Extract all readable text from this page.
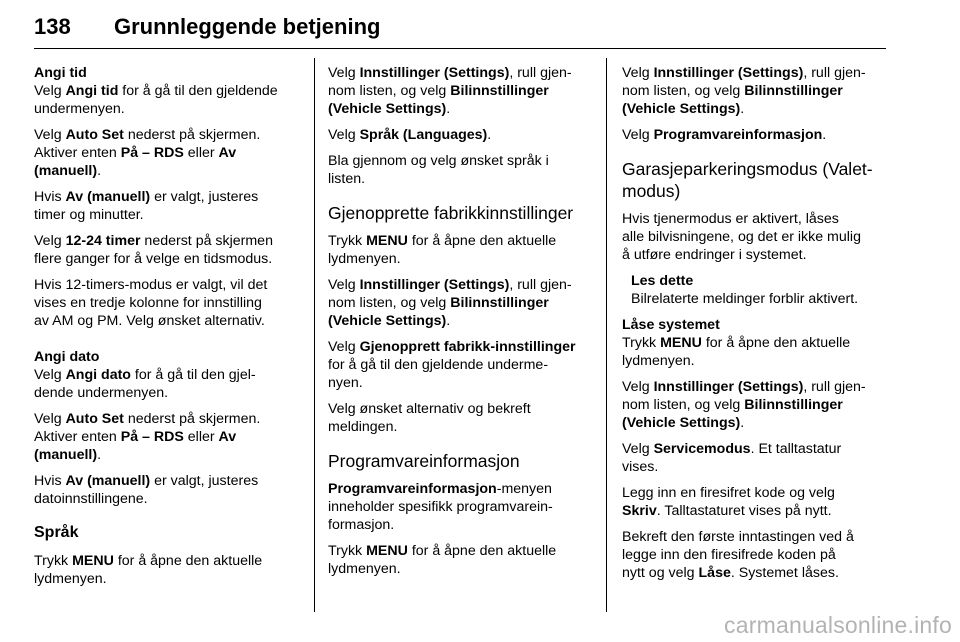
138 Grunnleggende betjening
Angi tid

Velg Angi tid for å gå til den gjeldende
undermenyen.

Velg Auto Set nederst på skjermen.
Aktiver enten På – RDS eller Av
(manuell).

Hvis Av (manuell) er valgt, justeres
timer og minutter.

Velg 12-24 timer nederst på skjermen
flere ganger for å velge en tidsmodus.

Hvis 12-timers-modus er valgt, vil det
vises en tredje kolonne for innstilling
av AM og PM. Velg ønsket alternativ.

Angi dato

Velg Angi dato for å gå til den gjel-
dende undermenyen.

Velg Auto Set nederst på skjermen.
Aktiver enten På – RDS eller Av
(manuell).

Hvis Av (manuell) er valgt, justeres
datoinnstillingene.

Språk

Trykk MENU for å åpne den aktuelle
lydmenyen.

Velg Innstillinger (Settings), rull gjen-
nom listen, og velg Bilinnstillinger
(Vehicle Settings).

Velg Språk (Languages).

Bla gjennom og velg ønsket språk i
listen.

Gjenopprette fabrikkinnstillinger

Trykk MENU for å åpne den aktuelle
lydmenyen.

Velg Innstillinger (Settings), rull gjen-
nom listen, og velg Bilinnstillinger
(Vehicle Settings).

Velg Gjenopprett fabrikk-innstillinger
for å gå til den gjeldende underme-
nyen.

Velg ønsket alternativ og bekreft
meldingen.

Programvareinformasjon

Programvareinformasjon-menyen
inneholder spesifikk programvarein-
formasjon.

Trykk MENU for å åpne den aktuelle
lydmenyen.

Velg Innstillinger (Settings), rull gjen-
nom listen, og velg Bilinnstillinger
(Vehicle Settings).

Velg Programvareinformasjon.

Garasjeparkeringsmodus (Valet-
modus)

Hvis tjenermodus er aktivert, låses
alle bilvisningene, og det er ikke mulig
å utføre endringer i systemet.

Les dette
Bilrelaterte meldinger forblir aktivert.
Låse systemet

Trykk MENU for å åpne den aktuelle
lydmenyen.

Velg Innstillinger (Settings), rull gjen-
nom listen, og velg Bilinnstillinger
(Vehicle Settings).

Velg Servicemodus. Et talltastatur
vises.

Legg inn en firesifret kode og velg
Skriv. Talltastaturet vises på nytt.

Bekreft den første inntastingen ved å
legge inn den firesifrede koden på
nytt og velg Låse. Systemet låses.

carmanualsonline.info
